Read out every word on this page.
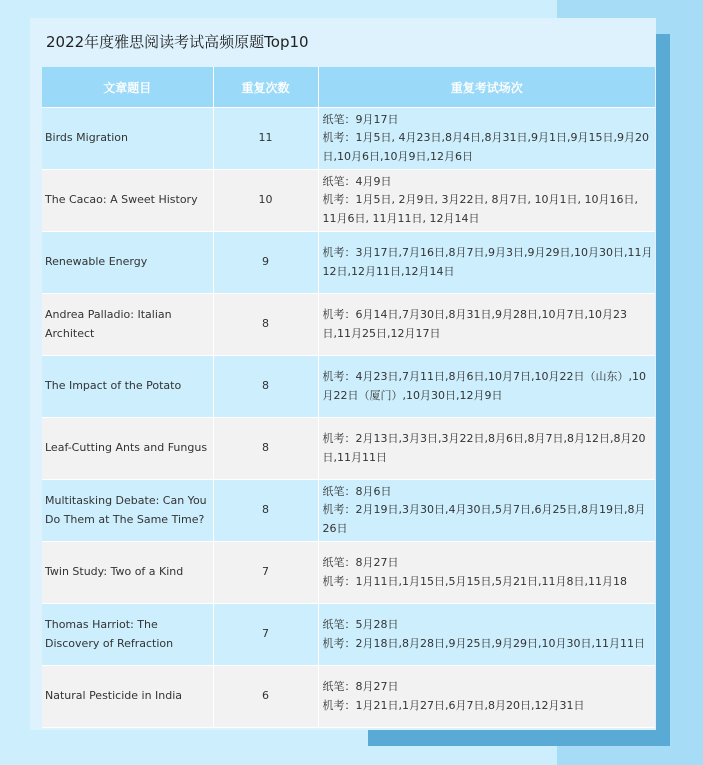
2022年度雅思阅读考试高频原题Top10
文章题目	重复次数	重复考试场次
Birds Migration	11	纸笔：9月17日
机考：1月5日, 4月23日,8月4日,8月31日,9月1日,9月15日,9月20日,10月6日,10月9日,12月6日

The Cacao: A Sweet History	10	纸笔：4月9日
机考：1月5日, 2月9日, 3月22日, 8月7日, 10月1日, 10月16日, 11月6日, 11月11日, 12月14日

Renewable Energy	9	机考：3月17日,7月16日,8月7日,9月3日,9月29日,10月30日,11月12日,12月11日,12月14日

Andrea Palladio: Italian Architect	8	机考：6月14日,7月30日,8月31日,9月28日,10月7日,10月23日,11月25日,12月17日

The Impact of the Potato	8	机考：4月23日,7月11日,8月6日,10月7日,10月22日（山东）,10月22日（厦门）,10月30日,12月9日

Leaf-Cutting Ants and Fungus	8	机考：2月13日,3月3日,3月22日,8月6日,8月7日,8月12日,8月20日,11月11日

Multitasking Debate: Can You Do Them at The Same Time?	8	纸笔：8月6日
机考：2月19日,3月30日,4月30日,5月7日,6月25日,8月19日,8月26日

Twin Study: Two of a Kind	7	纸笔：8月27日
机考：1月11日,1月15日,5月15日,5月21日,11月8日,11月18

Thomas Harriot: The Discovery of Refraction	7	纸笔：5月28日
机考：2月18日,8月28日,9月25日,9月29日,10月30日,11月11日

Natural Pesticide in India	6	纸笔：8月27日
机考：1月21日,1月27日,6月7日,8月20日,12月31日
